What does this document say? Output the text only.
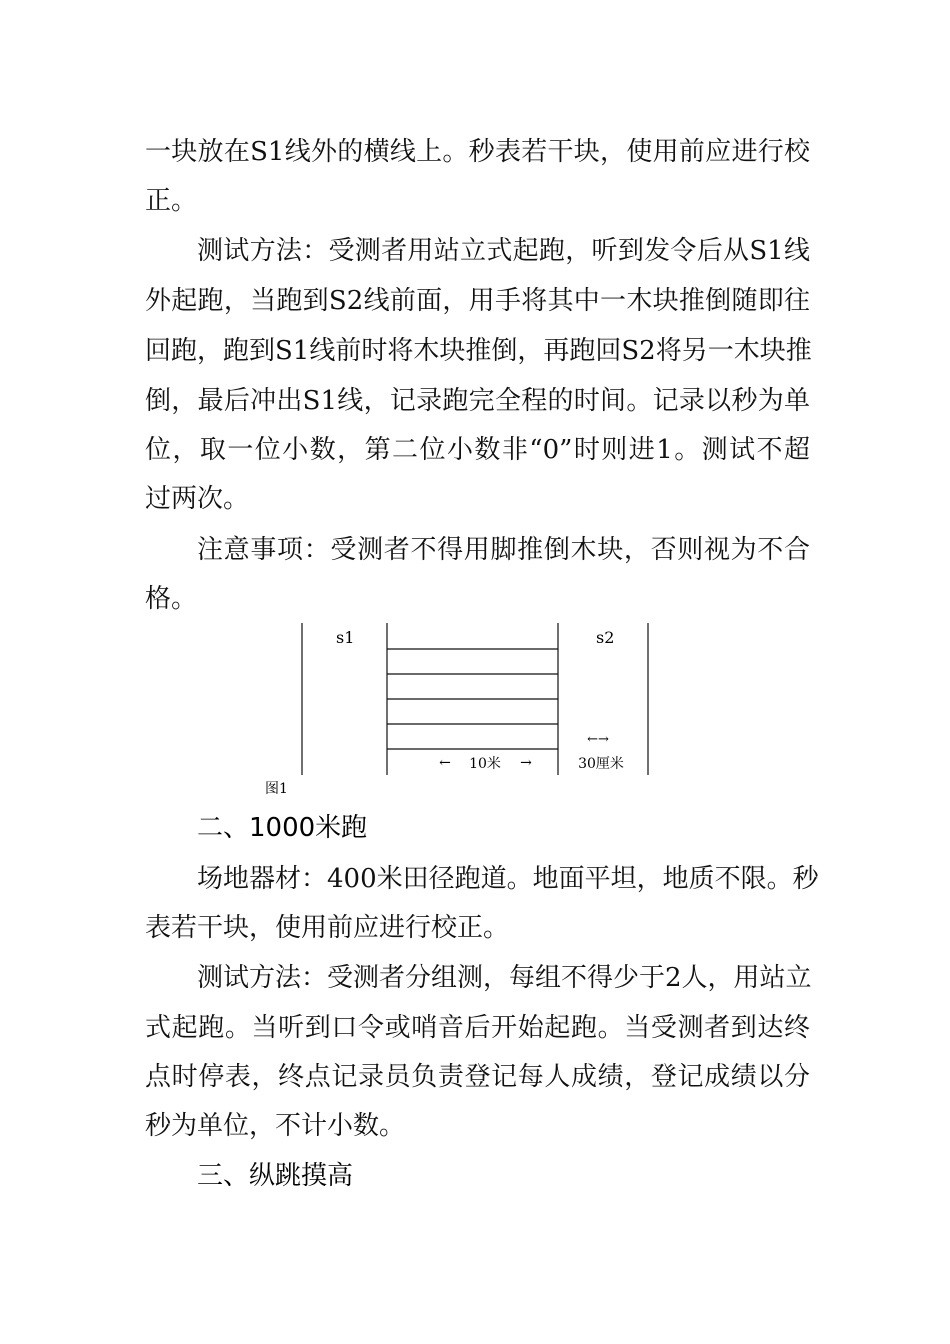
一块放在S1线外的横线上。秒表若干块，使用前应进行校
正。
测试方法：受测者用站立式起跑，听到发令后从S1线
外起跑，当跑到S2线前面，用手将其中一木块推倒随即往
回跑，跑到S1线前时将木块推倒，再跑回S2将另一木块推
倒，最后冲出S1线，记录跑完全程的时间。记录以秒为单
位，取一位小数，第二位小数非“0”时则进1。测试不超
过两次。
注意事项：受测者不得用脚推倒木块，否则视为不合
格。
s1	s2
← 10米 →
←→
30厘米
图1
二、1000米跑
场地器材：400米田径跑道。地面平坦，地质不限。秒
表若干块，使用前应进行校正。
测试方法：受测者分组测，每组不得少于2人，用站立
式起跑。当听到口令或哨音后开始起跑。当受测者到达终
点时停表，终点记录员负责登记每人成绩，登记成绩以分
秒为单位，不计小数。
三、纵跳摸高
